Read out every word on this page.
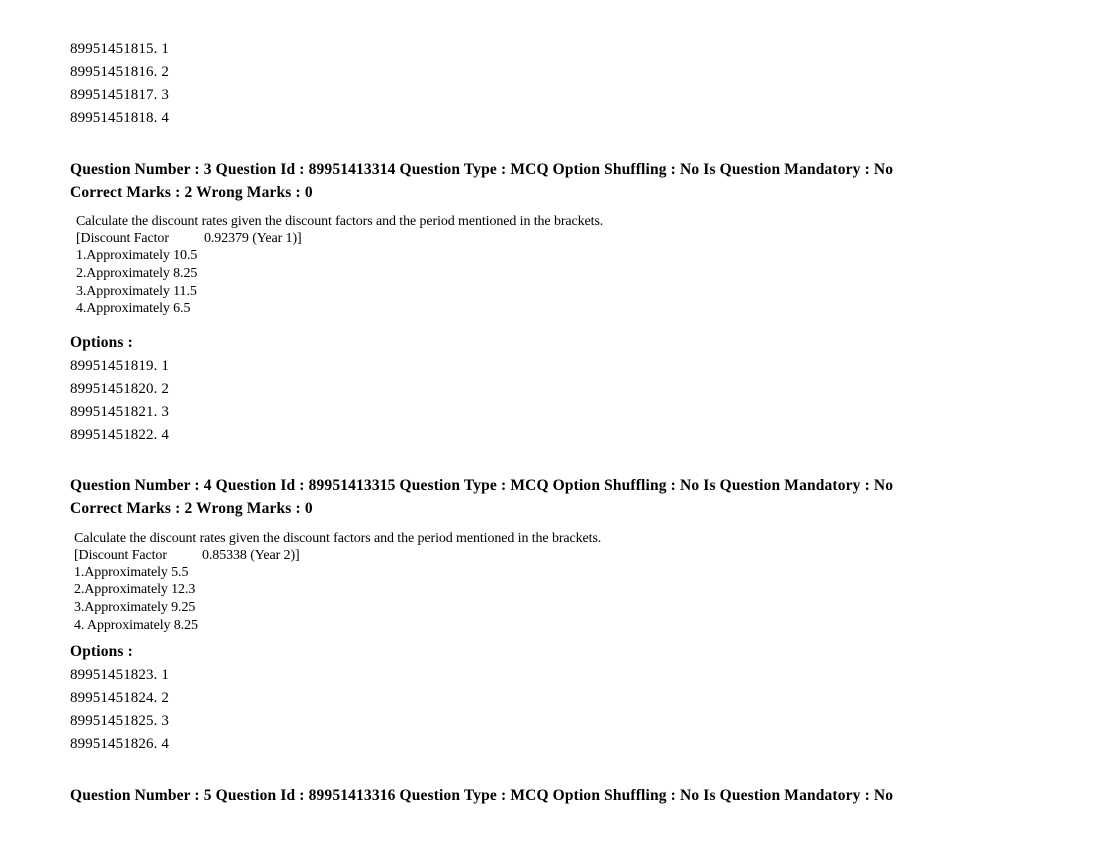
89951451815. 1
89951451816. 2
89951451817. 3
89951451818. 4
Question Number : 3 Question Id : 89951413314 Question Type : MCQ Option Shuffling : No Is Question Mandatory : No
Correct Marks : 2 Wrong Marks : 0
Calculate the discount rates given the discount factors and the period mentioned in the brackets.
[Discount Factor	0.92379 (Year 1)]
1.Approximately 10.5
2.Approximately 8.25
3.Approximately 11.5
4.Approximately 6.5
Options :
89951451819. 1
89951451820. 2
89951451821. 3
89951451822. 4
Question Number : 4 Question Id : 89951413315 Question Type : MCQ Option Shuffling : No Is Question Mandatory : No
Correct Marks : 2 Wrong Marks : 0
Calculate the discount rates given the discount factors and the period mentioned in the brackets.
[Discount Factor	0.85338 (Year 2)]
1.Approximately 5.5
2.Approximately 12.3
3.Approximately 9.25
4. Approximately 8.25
Options :
89951451823. 1
89951451824. 2
89951451825. 3
89951451826. 4
Question Number : 5 Question Id : 89951413316 Question Type : MCQ Option Shuffling : No Is Question Mandatory : No
